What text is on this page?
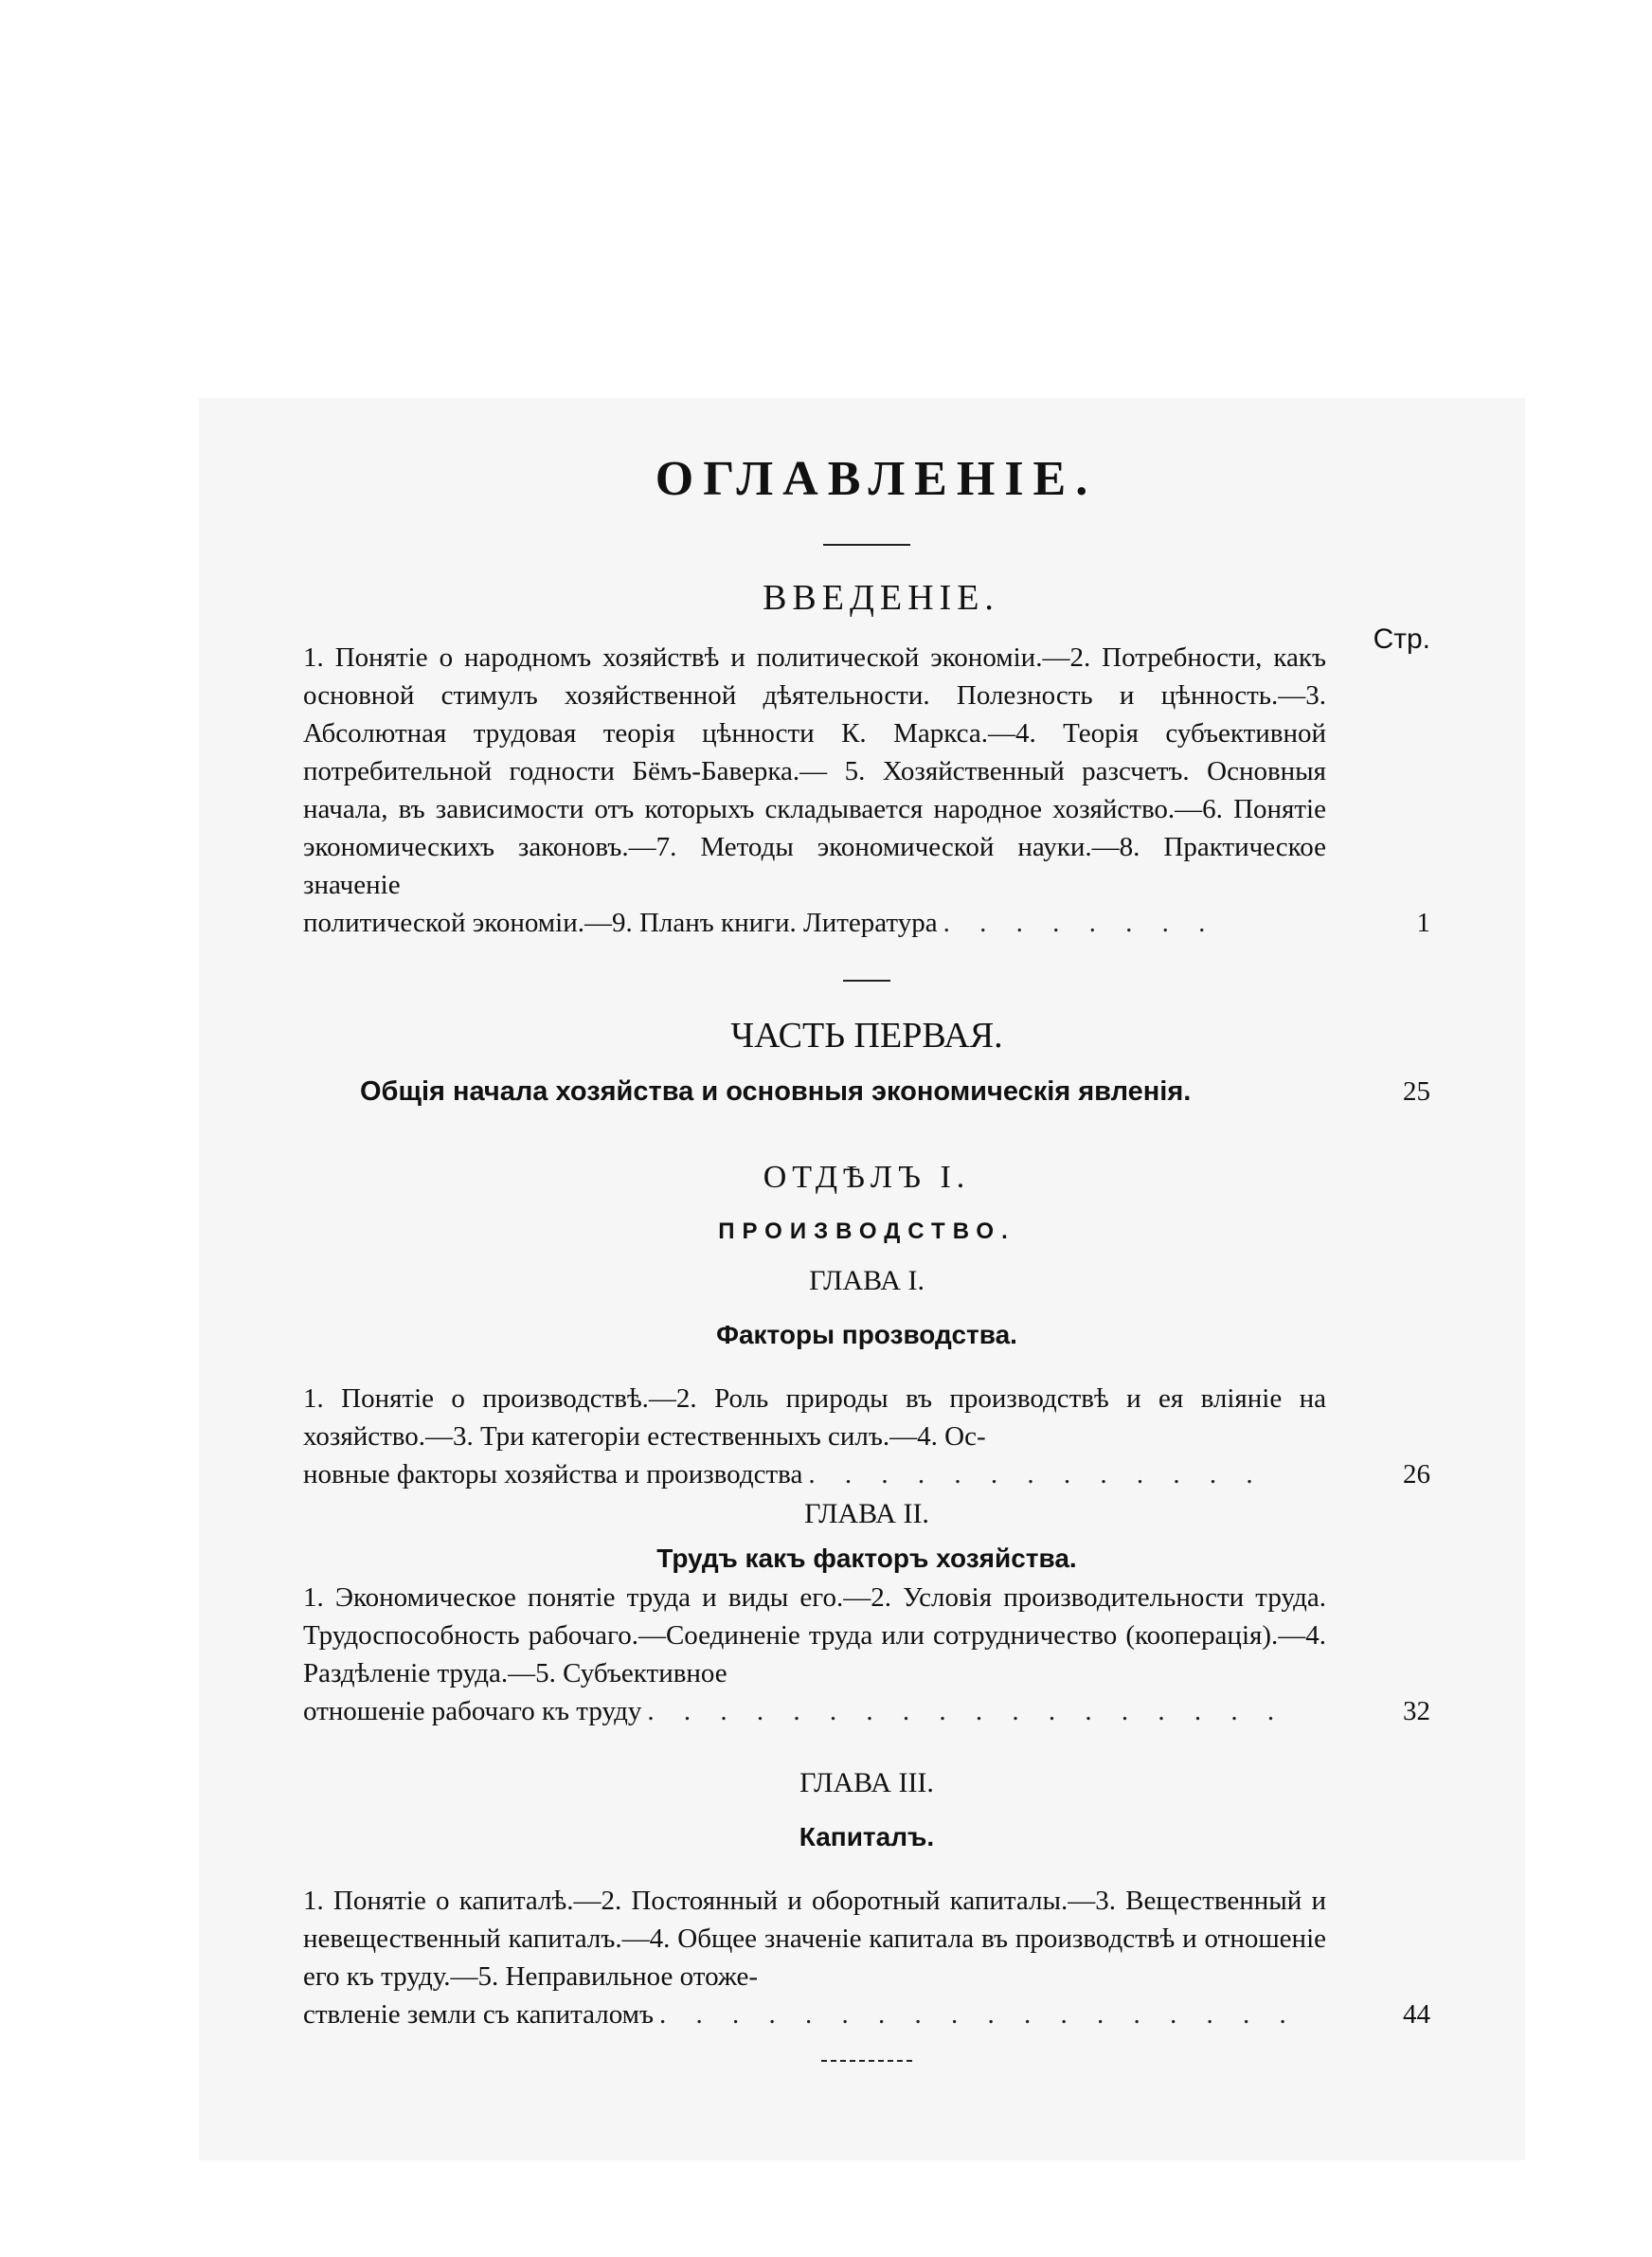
ОГЛАВЛЕНІЕ.
ВВЕДЕНІЕ.
Стр.
1. Понятіе о народномъ хозяйствѣ и политической экономіи.—2. Потребности, какъ основной стимулъ хозяйственной дѣятельности. Полезность и цѣнность.—3. Абсолютная трудовая теорія цѣнности К. Маркса.—4. Теорія субъективной потребительной годности Бёмъ-Баверка.— 5. Хозяйственный разсчетъ. Основныя начала, въ зависимости отъ которыхъ складывается народное хозяйство.—6. Понятіе экономическихъ законовъ.—7. Методы экономической науки.—8. Практическое значеніе
политической экономіи.—9. Планъ книги. Литература . . . . . . . .	1
ЧАСТЬ ПЕРВАЯ.
Общія начала хозяйства и основныя экономическія явленія.	25
ОТДѢЛЪ I.
ПРОИЗВОДСТВО.
ГЛАВА I.
Факторы прозводства.
1. Понятіе о производствѣ.—2. Роль природы въ производствѣ и ея вліяніе на хозяйство.—3. Три категоріи естественныхъ силъ.—4. Ос-
новные факторы хозяйства и производства . . . . . . . . . . . . .	26
ГЛАВА II.
Трудъ какъ факторъ хозяйства.
1. Экономическое понятіе труда и виды его.—2. Условія производительности труда. Трудоспособность рабочаго.—Соединеніе труда или сотрудничество (кооперація).—4. Раздѣленіе труда.—5. Субъективное
отношеніе рабочаго къ труду . . . . . . . . . . . . . . . . . .	32
ГЛАВА III.
Капиталъ.
1. Понятіе о капиталѣ.—2. Постоянный и оборотный капиталы.—3. Вещественный и невещественный капиталъ.—4. Общее значеніе капитала въ производствѣ и отношеніе его къ труду.—5. Неправильное отоже-
ствленіе земли съ капиталомъ . . . . . . . . . . . . . . . . . .	44
